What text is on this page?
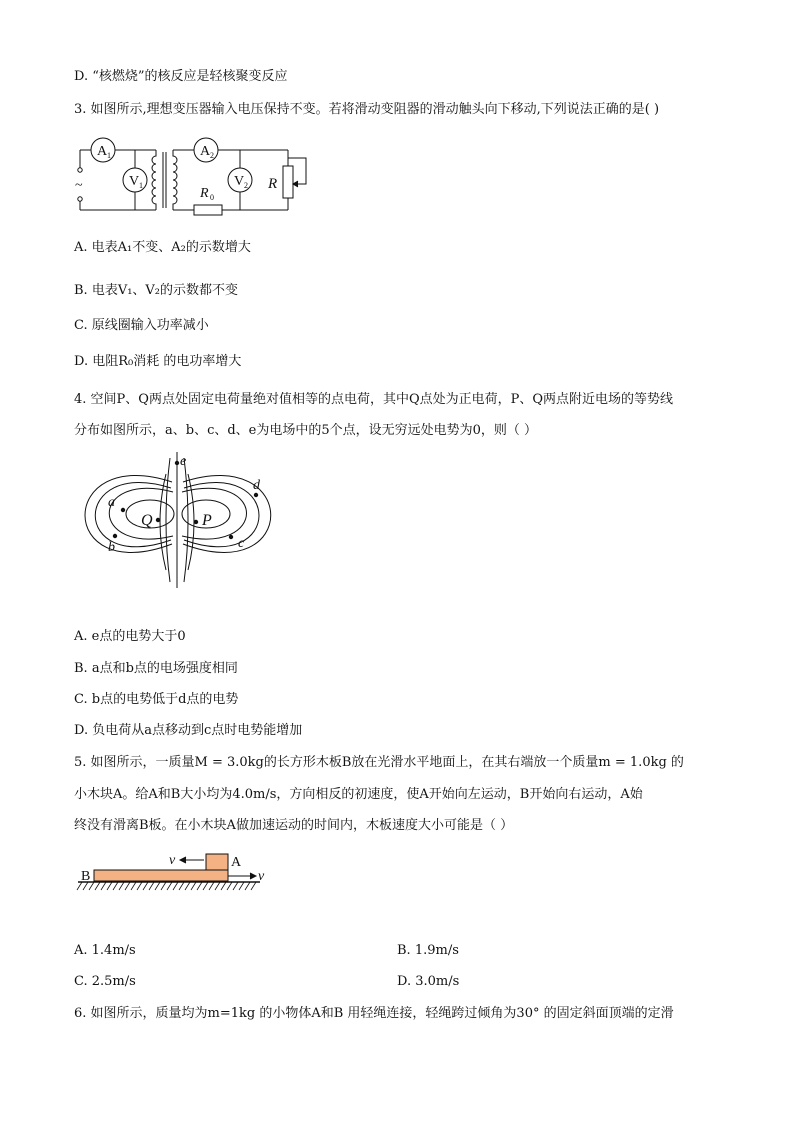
D. “核燃烧”的核反应是轻核聚变反应
3. 如图所示,理想变压器输入电压保持不变。若将滑动变阻器的滑动触头向下移动,下列说法正确的是( )
A 1	A 2
V 1	V 2
R 0
R
~
A. 电表A₁不变、A₂的示数增大
B. 电表V₁、V₂的示数都不变
C. 原线圈输入功率减小
D. 电阻R₀消耗 的电功率增大
4. 空间P、Q两点处固定电荷量绝对值相等的点电荷，其中Q点处为正电荷，P、Q两点附近电场的等势线
分布如图所示，a、b、c、d、e为电场中的5个点，设无穷远处电势为0，则（ ）
e
d
a
b	c
Q	P
A. e点的电势大于0
B. a点和b点的电场强度相同
C. b点的电势低于d点的电势
D. 负电荷从a点移动到c点时电势能增加
5. 如图所示，一质量M = 3.0kg的长方形木板B放在光滑水平地面上，在其右端放一个质量m = 1.0kg 的
小木块A。给A和B大小均为4.0m/s，方向相反的初速度，使A开始向左运动，B开始向右运动，A始
终没有滑离B板。在小木块A做加速运动的时间内，木板速度大小可能是（ ）
v	A
B	v
A. 1.4m/s	B. 1.9m/s
C. 2.5m/s	D. 3.0m/s
6. 如图所示，质量均为m=1kg 的小物体A和B 用轻绳连接，轻绳跨过倾角为30° 的固定斜面顶端的定滑
